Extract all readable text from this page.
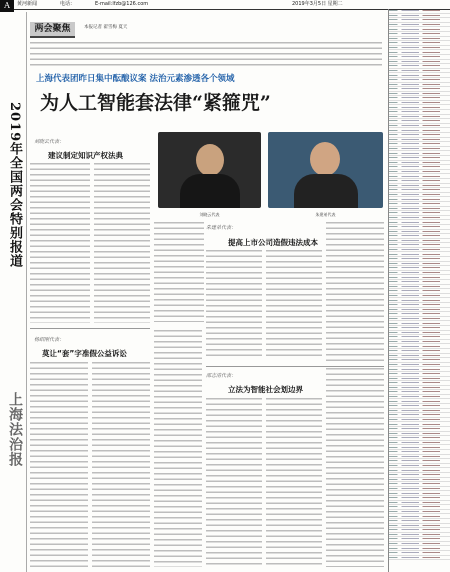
黄河新闻	电话：	E-mail:lfzb@126.com	2019年3月5日 星期二
A
2019年全国两会特别报道
上海法治报
两会聚焦	本报记者 翟雪梅 夏天
上海代表团昨日集中酝酿议案 法治元素渗透各个领域
为人工智能套法律“紧箍咒”
刘晓云代表：
建议制定知识产权法典
刘晓云代表	朱建弟代表
朱建弟代表：
提高上市公司造假违法成本
杨绍刚代表：
莫让“套”字准假公益诉讼
邵志清代表：
立法为智能社会划边界
